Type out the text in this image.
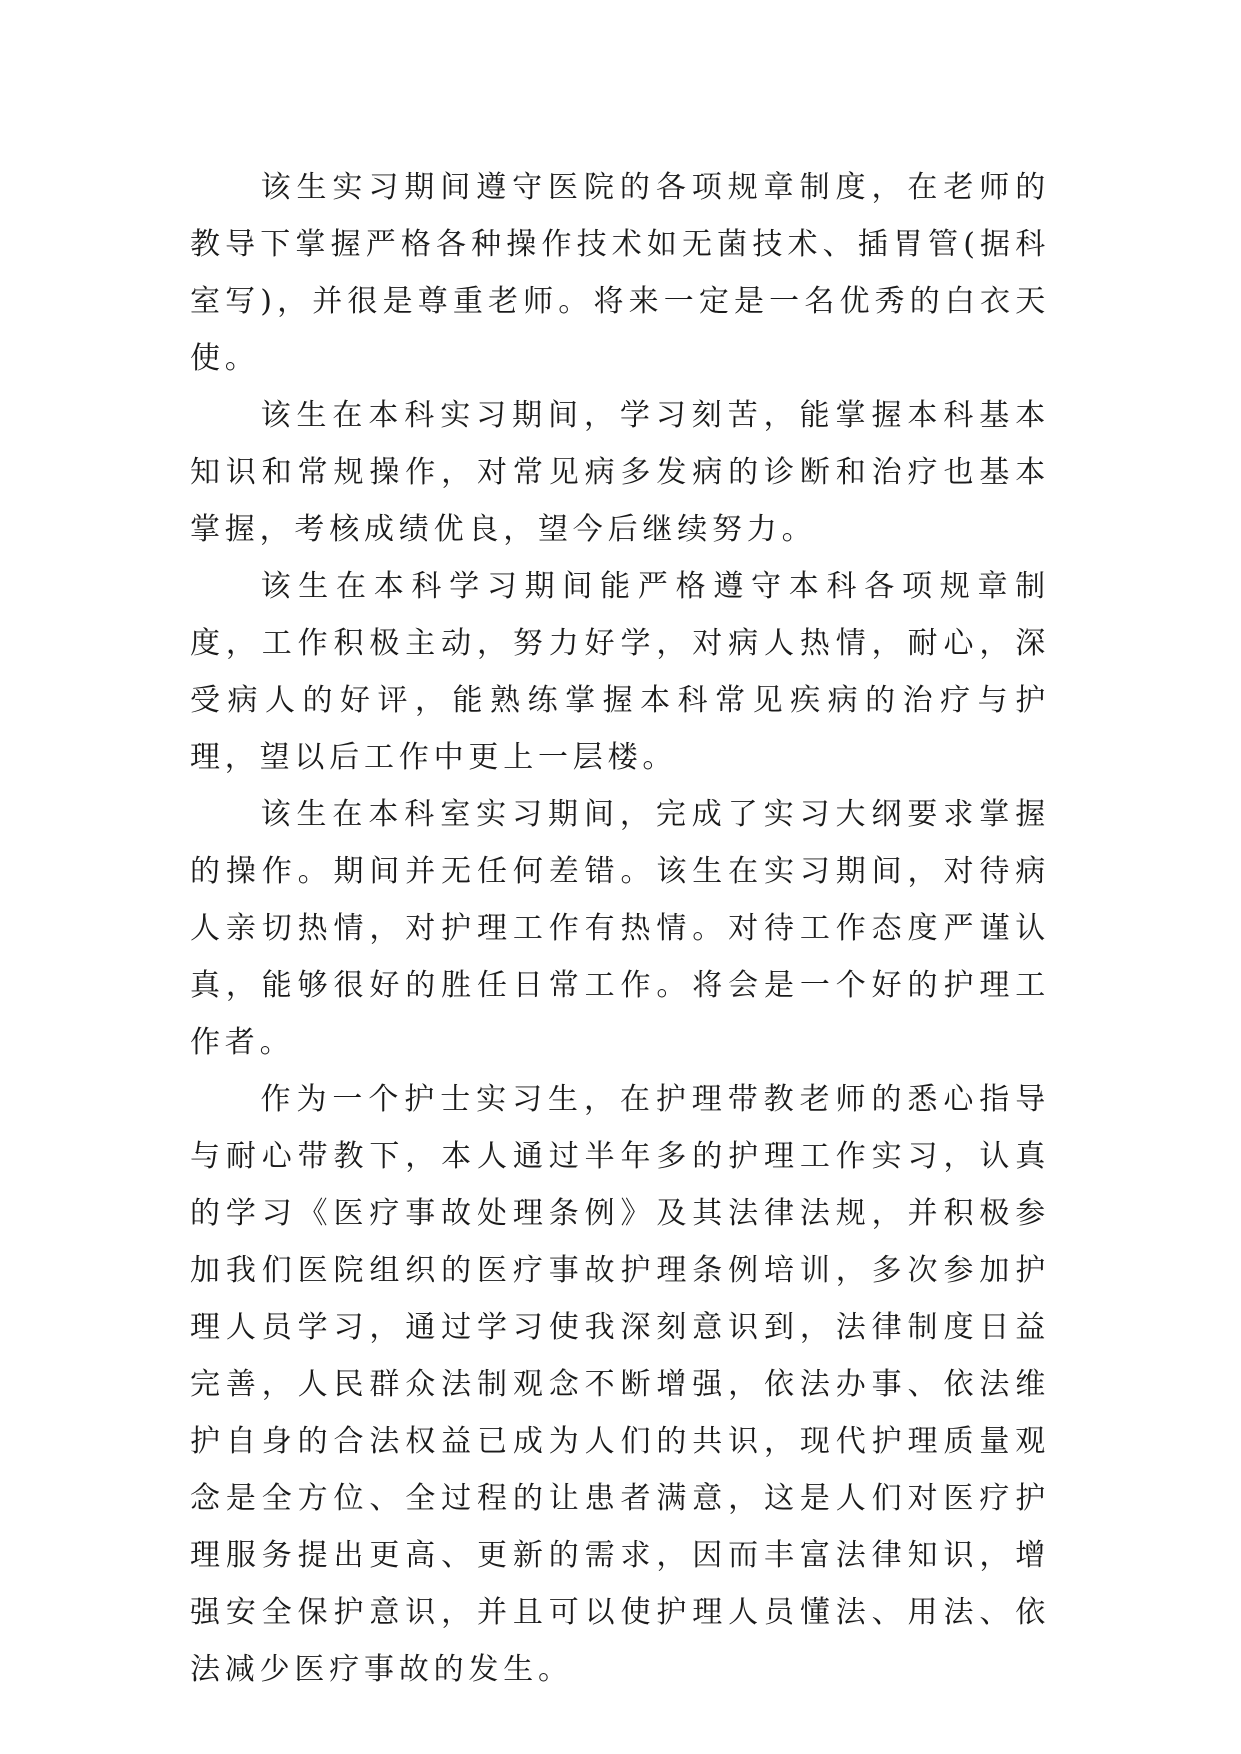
该生实习期间遵守医院的各项规章制度，在老师的教导下掌握严格各种操作技术如无菌技术、插胃管(据科室写)，并很是尊重老师。将来一定是一名优秀的白衣天使。

该生在本科实习期间，学习刻苦，能掌握本科基本知识和常规操作，对常见病多发病的诊断和治疗也基本掌握，考核成绩优良，望今后继续努力。

该生在本科学习期间能严格遵守本科各项规章制度，工作积极主动，努力好学，对病人热情，耐心，深受病人的好评，能熟练掌握本科常见疾病的治疗与护理，望以后工作中更上一层楼。

该生在本科室实习期间，完成了实习大纲要求掌握的操作。期间并无任何差错。该生在实习期间，对待病人亲切热情，对护理工作有热情。对待工作态度严谨认真，能够很好的胜任日常工作。将会是一个好的护理工作者。

作为一个护士实习生，在护理带教老师的悉心指导与耐心带教下，本人通过半年多的护理工作实习，认真的学习《医疗事故处理条例》及其法律法规，并积极参加我们医院组织的医疗事故护理条例培训，多次参加护理人员学习，通过学习使我深刻意识到，法律制度日益完善，人民群众法制观念不断增强，依法办事、依法维护自身的合法权益已成为人们的共识，现代护理质量观念是全方位、全过程的让患者满意，这是人们对医疗护理服务提出更高、更新的需求，因而丰富法律知识，增强安全保护意识，并且可以使护理人员懂法、用法、依法减少医疗事故的发生。
